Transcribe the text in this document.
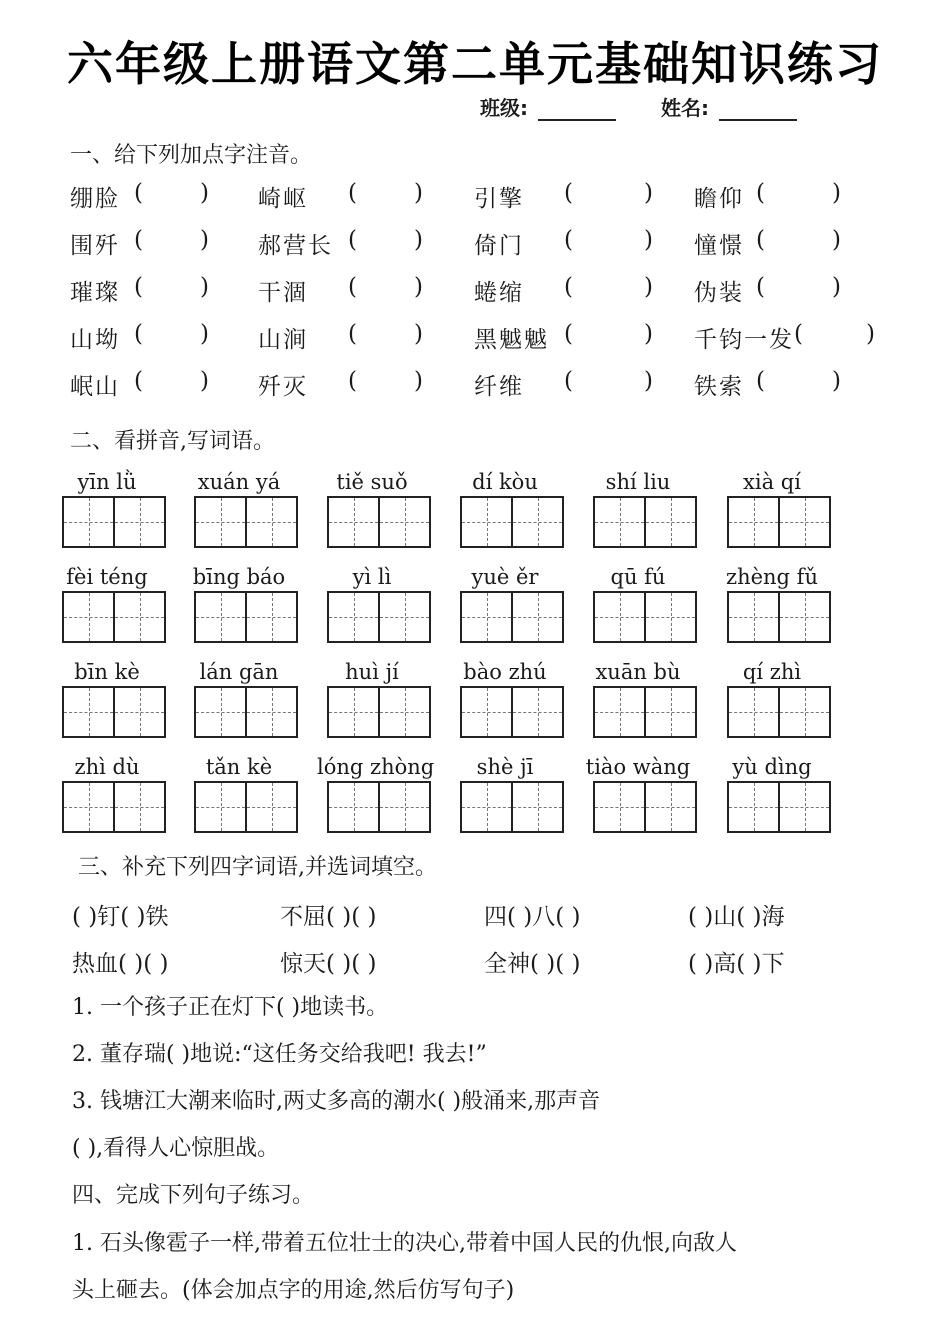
六年级上册语文第二单元基础知识练习
班级:	姓名:
一、给下列加点字注音。
绷脸 ( ) 崎岖 ( ) 引擎 (	) 瞻仰 (	)
围歼 ( ) 郝营长 ( ) 倚门 (	) 憧憬 (	)
璀璨 ( ) 干涸 ( ) 蜷缩 (	) 伪装 (	)
山坳 ( ) 山涧 ( ) 黑魆魆 (	) 千钧一发 (	)
岷山 ( ) 歼灭 ( ) 纤维 (	) 铁索 (	)
二、看拼音,写词语。
yīn lǜ	xuán yá	tiě suǒ	dí kòu	shí liu	xià qí
fèi téng	bīng báo	yì lì	yuè ěr	qū fú	zhèng fǔ
bīn kè	lán gān	huì jí	bào zhú	xuān bù	qí zhì
zhì dù	tǎn kè	lóng zhòng	shè jī	tiào wàng	yù dìng
三、补充下列四字词语,并选词填空。
( )钉( )铁	不屈( )( )	四( )八( )	( )山( )海
热血( )( )	惊天( )( )	全神( )( )	( )高( )下
1. 一个孩子正在灯下( )地读书。
2. 董存瑞( )地说:“这任务交给我吧! 我去!”
3. 钱塘江大潮来临时,两丈多高的潮水( )般涌来,那声音
( ),看得人心惊胆战。
四、完成下列句子练习。
1. 石头像雹子一样,带着五位壮士的决心,带着中国人民的仇恨,向敌人
头上砸去。(体会加点字的用途,然后仿写句子)
